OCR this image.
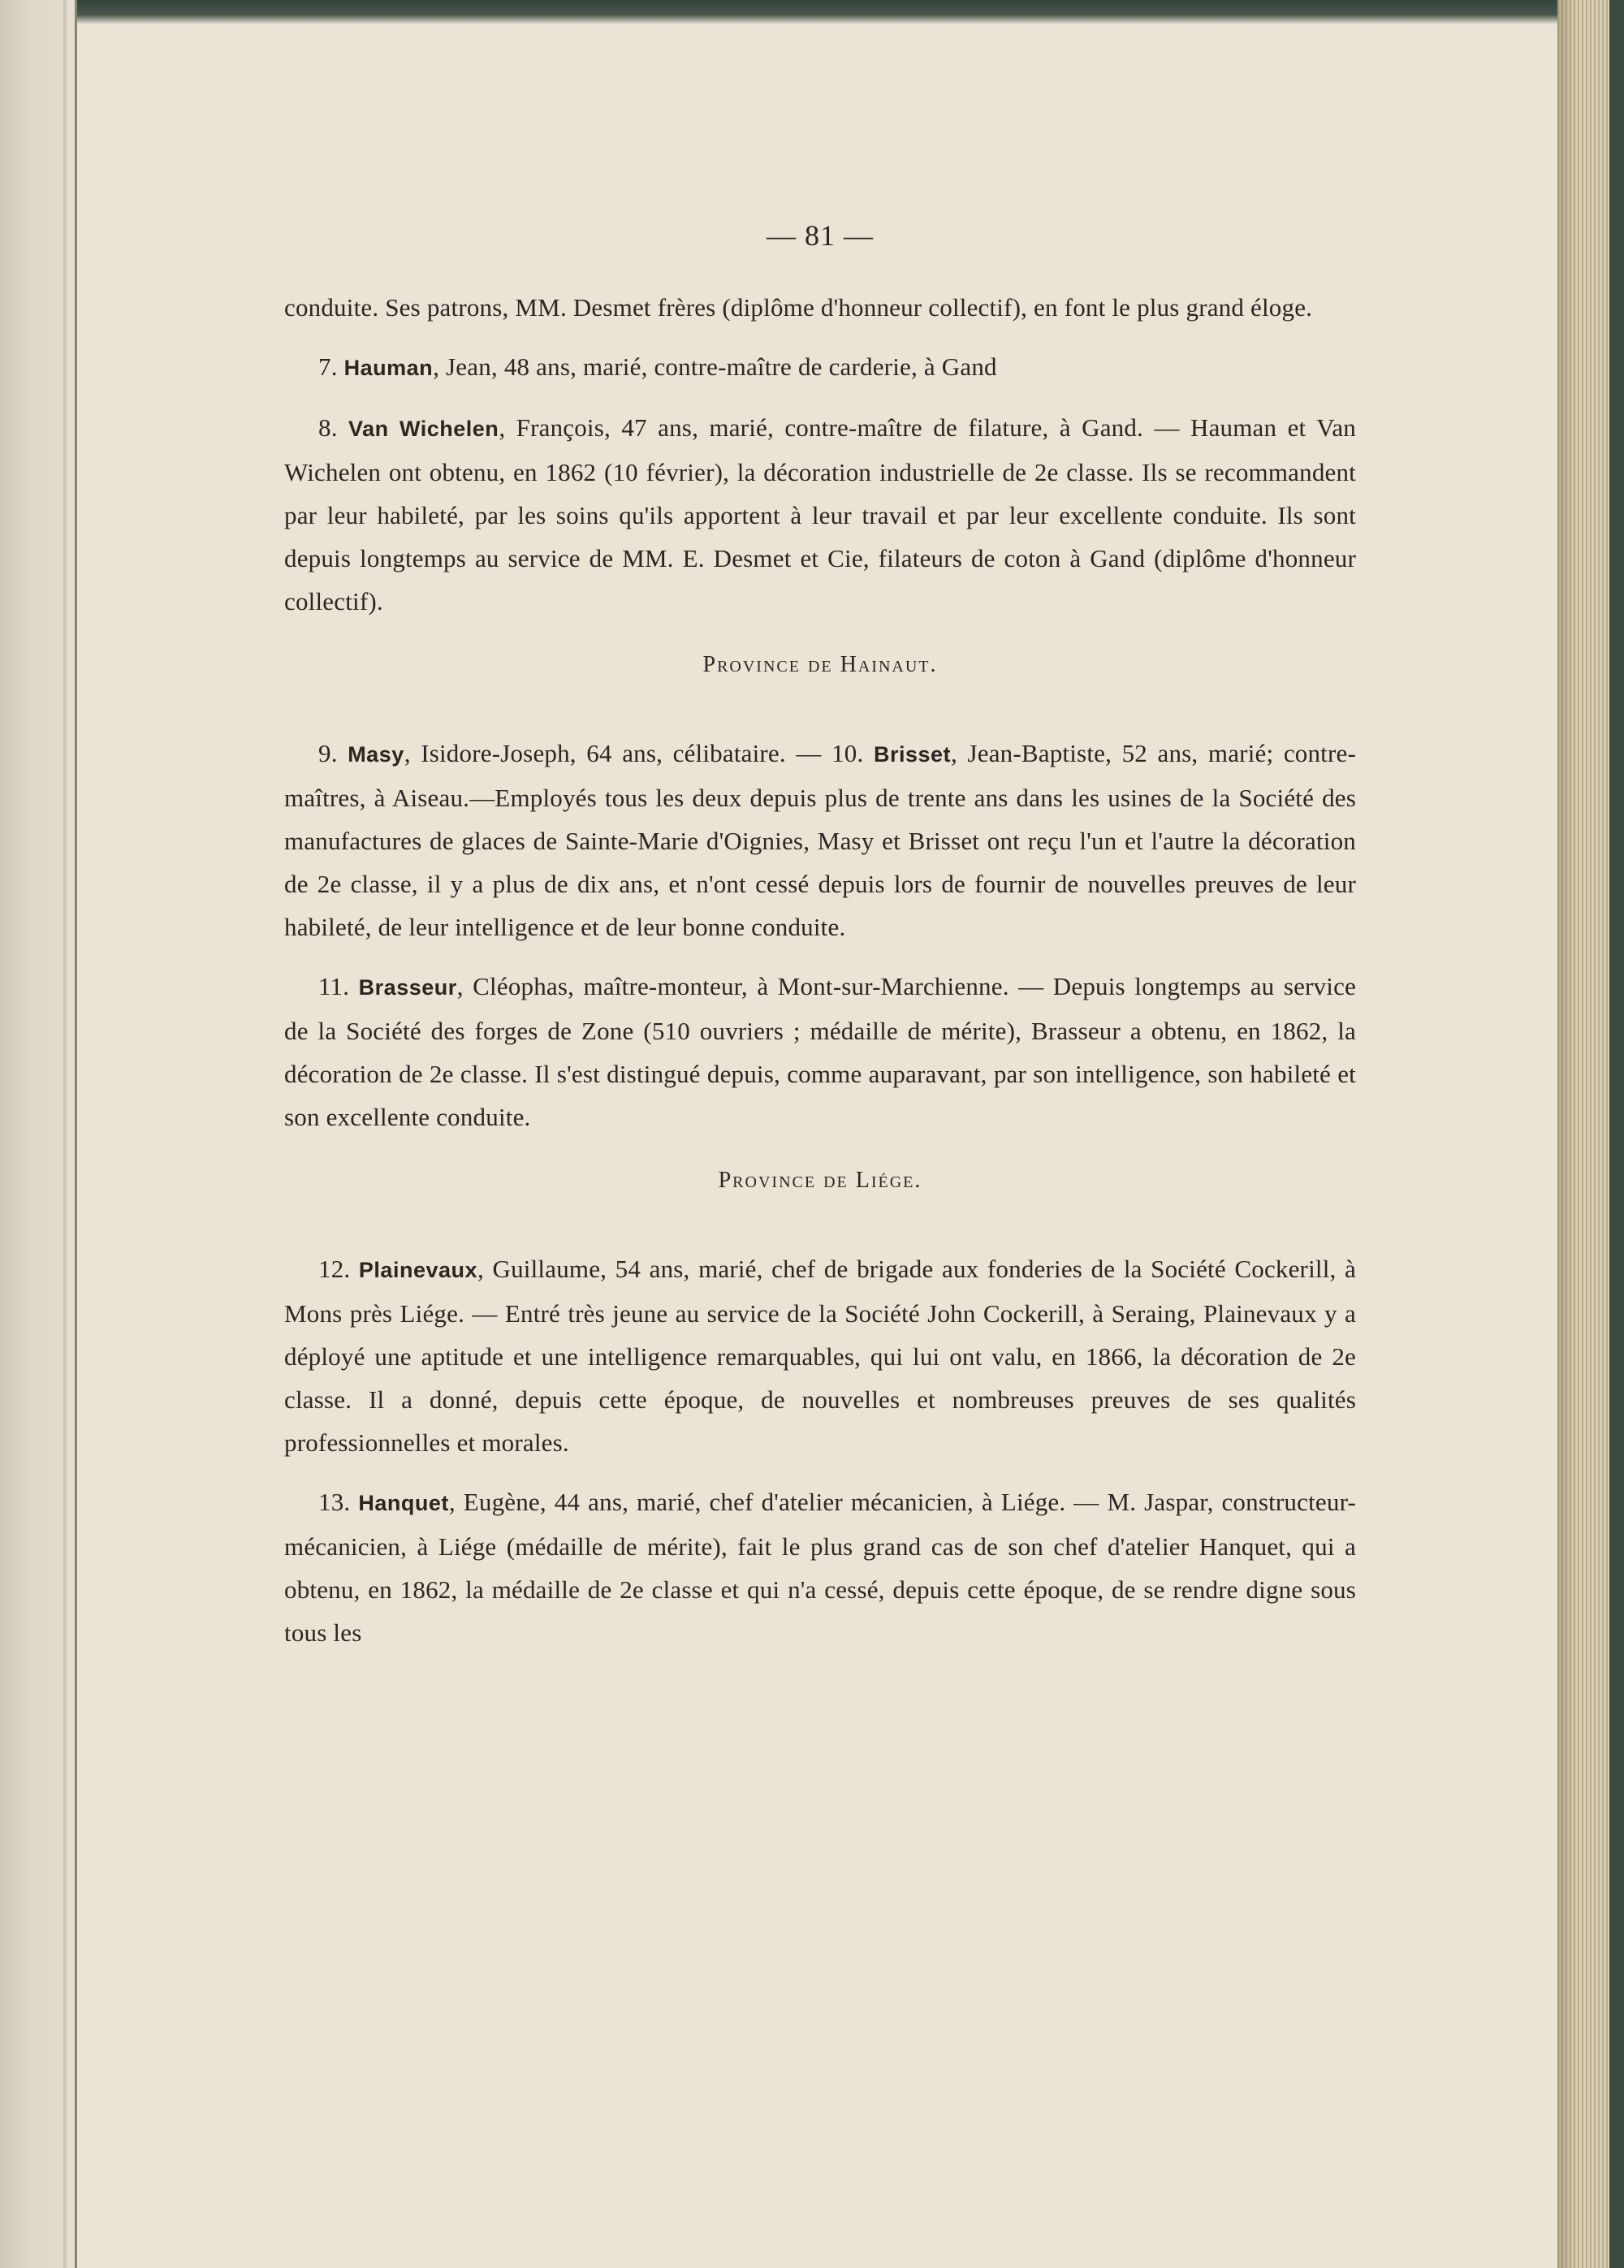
— 81 —

conduite. Ses patrons, MM. Desmet frères (diplôme d'honneur collectif), en font le plus grand éloge.

7. Hauman, Jean, 48 ans, marié, contre-maître de carderie, à Gand

8. Van Wichelen, François, 47 ans, marié, contre-maître de filature, à Gand. — Hauman et Van Wichelen ont obtenu, en 1862 (10 février), la décoration industrielle de 2e classe. Ils se recommandent par leur habileté, par les soins qu'ils apportent à leur travail et par leur excellente conduite. Ils sont depuis longtemps au service de MM. E. Desmet et Cie, filateurs de coton à Gand (diplôme d'honneur collectif).

Province de Hainaut.

9. Masy, Isidore-Joseph, 64 ans, célibataire. — 10. Brisset, Jean-Baptiste, 52 ans, marié; contre-maîtres, à Aiseau.—Employés tous les deux depuis plus de trente ans dans les usines de la Société des manufactures de glaces de Sainte-Marie d'Oignies, Masy et Brisset ont reçu l'un et l'autre la décoration de 2e classe, il y a plus de dix ans, et n'ont cessé depuis lors de fournir de nouvelles preuves de leur habileté, de leur intelligence et de leur bonne conduite.

11. Brasseur, Cléophas, maître-monteur, à Mont-sur-Marchienne. — Depuis longtemps au service de la Société des forges de Zone (510 ouvriers ; médaille de mérite), Brasseur a obtenu, en 1862, la décoration de 2e classe. Il s'est distingué depuis, comme auparavant, par son intelligence, son habileté et son excellente conduite.

Province de Liége.

12. Plainevaux, Guillaume, 54 ans, marié, chef de brigade aux fonderies de la Société Cockerill, à Mons près Liége. — Entré très jeune au service de la Société John Cockerill, à Seraing, Plainevaux y a déployé une aptitude et une intelligence remarquables, qui lui ont valu, en 1866, la décoration de 2e classe. Il a donné, depuis cette époque, de nouvelles et nombreuses preuves de ses qualités professionnelles et morales.

13. Hanquet, Eugène, 44 ans, marié, chef d'atelier mécanicien, à Liége. — M. Jaspar, constructeur-mécanicien, à Liége (médaille de mérite), fait le plus grand cas de son chef d'atelier Hanquet, qui a obtenu, en 1862, la médaille de 2e classe et qui n'a cessé, depuis cette époque, de se rendre digne sous tous les
